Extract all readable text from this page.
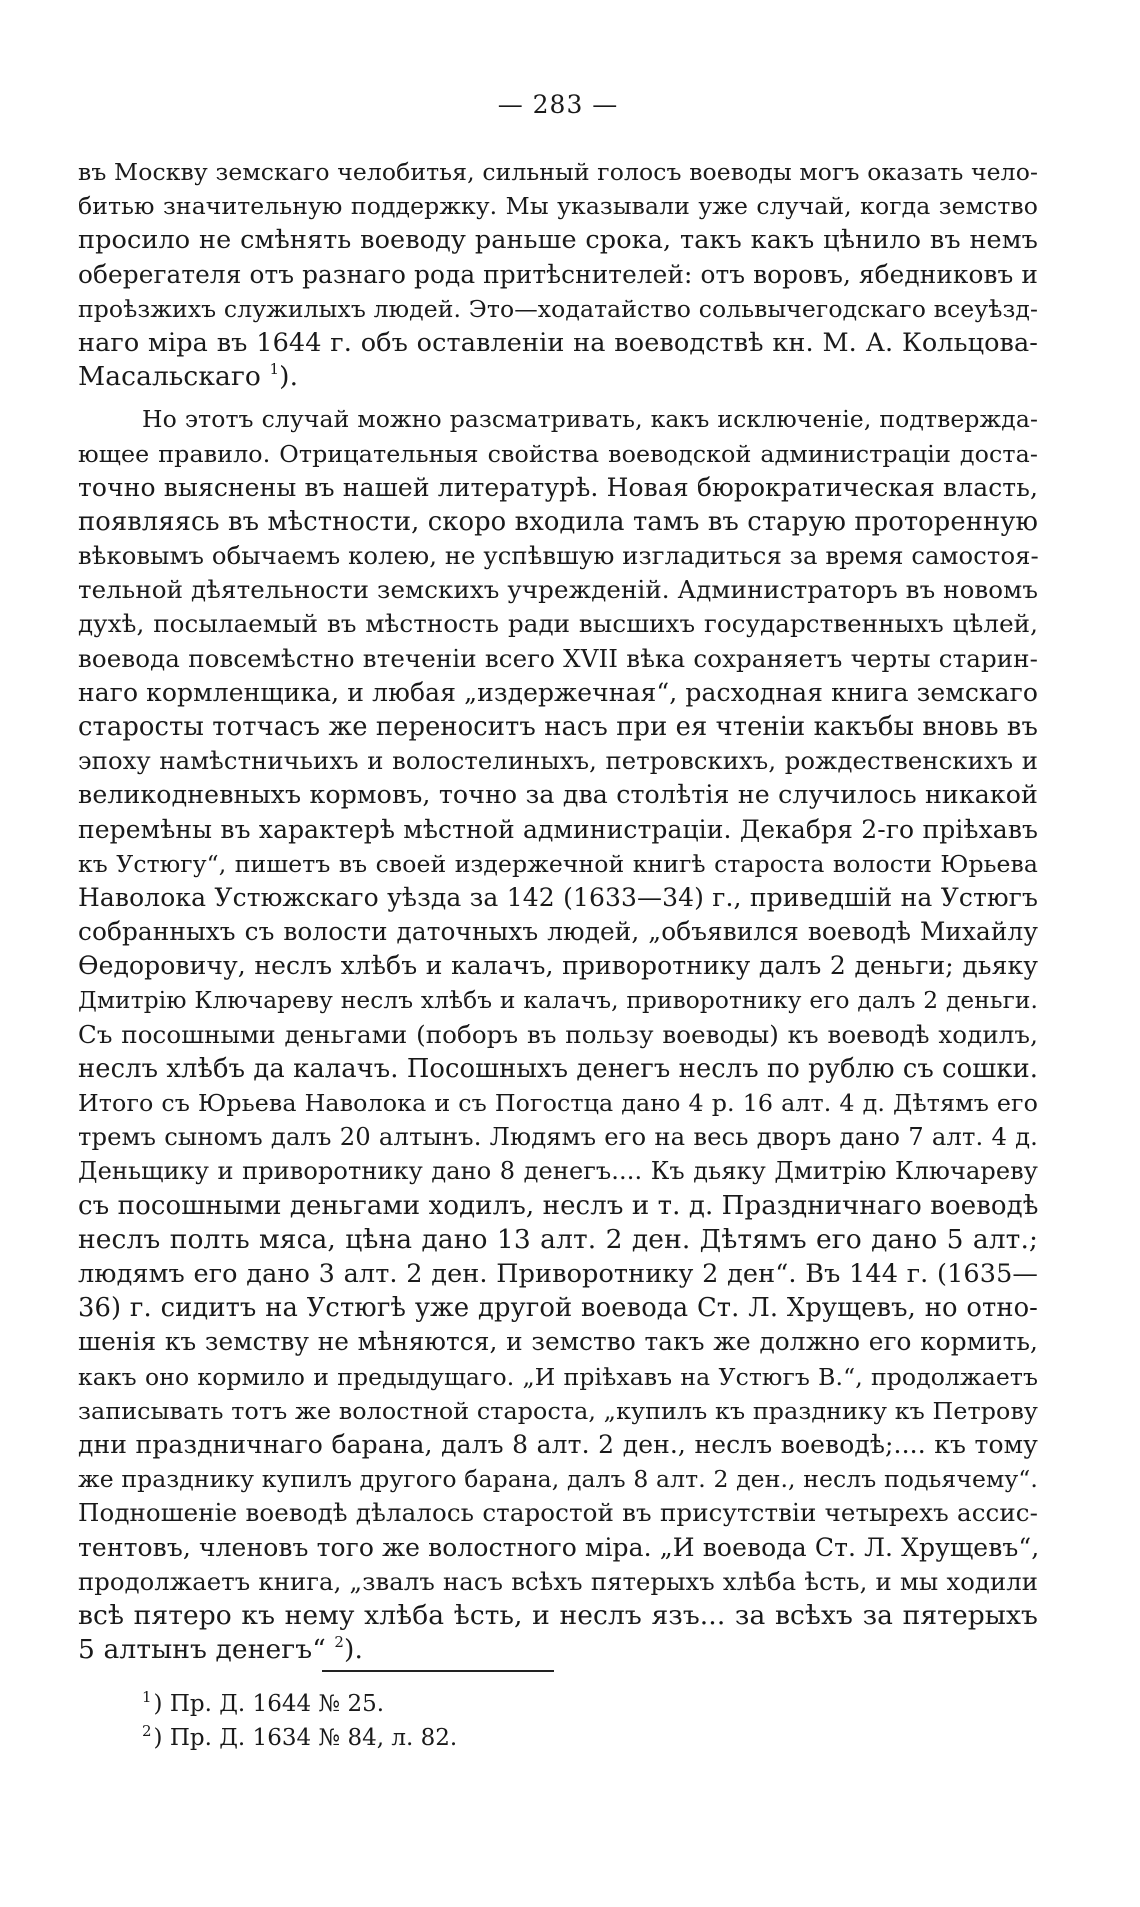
— 283 —
въ Москву земскаго челобитья, сильный голосъ воеводы могъ оказать чело-
битью значительную поддержку. Мы указывали уже случай, когда земство
просило не смѣнять воеводу раньше срока, такъ какъ цѣнило въ немъ
оберегателя отъ разнаго рода притѣснителей: отъ воровъ, ябедниковъ и
проѣзжихъ служилыхъ людей. Это—ходатайство сольвычегодскаго всеуѣзд-
наго міра въ 1644 г. объ оставленіи на воеводствѣ кн. М. А. Кольцова-
Масальскаго $^1$).
Но этотъ случай можно разсматривать, какъ исключеніе, подтвержда-
ющее правило. Отрицательныя свойства воеводской администраціи доста-
точно выяснены въ нашей литературѣ. Новая бюрократическая власть,
появляясь въ мѣстности, скоро входила тамъ въ старую проторенную
вѣковымъ обычаемъ колею, не успѣвшую изгладиться за время самостоя-
тельной дѣятельности земскихъ учрежденій. Администраторъ въ новомъ
духѣ, посылаемый въ мѣстность ради высшихъ государственныхъ цѣлей,
воевода повсемѣстно втеченіи всего XVII вѣка сохраняетъ черты старин-
наго кормленщика, и любая „издержечная“, расходная книга земскаго
старосты тотчасъ же переноситъ насъ при ея чтеніи какъбы вновь въ
эпоху намѣстничьихъ и волостелиныхъ, петровскихъ, рождественскихъ и
великодневныхъ кормовъ, точно за два столѣтія не случилось никакой
перемѣны въ характерѣ мѣстной администраціи. Декабря 2-го прiѣхавъ
къ Устюгу“, пишетъ въ своей издержечной книгѣ староста волости Юрьева
Наволока Устюжскаго уѣзда за 142 (1633—34) г., приведшій на Устюгъ
собранныхъ съ волости даточныхъ людей, „объявился воеводѣ Михайлу
Ѳедоровичу, неслъ хлѣбъ и калачъ, приворотнику далъ 2 деньги; дьяку
Дмитрію Ключареву неслъ хлѣбъ и калачъ, приворотнику его далъ 2 деньги.
Съ посошными деньгами (поборъ въ пользу воеводы) къ воеводѣ ходилъ,
неслъ хлѣбъ да калачъ. Посошныхъ денегъ неслъ по рублю съ сошки.
Итого съ Юрьева Наволока и съ Погостца дано 4 р. 16 алт. 4 д. Дѣтямъ его
тремъ сыномъ далъ 20 алтынъ. Людямъ его на весь дворъ дано 7 алт. 4 д.
Деньщику и приворотнику дано 8 денегъ.... Къ дьяку Дмитрію Ключареву
съ посошными деньгами ходилъ, неслъ и т. д. Праздничнаго воеводѣ
неслъ полть мяса, цѣна дано 13 алт. 2 ден. Дѣтямъ его дано 5 алт.;
людямъ его дано 3 алт. 2 ден. Приворотнику 2 ден“. Въ 144 г. (1635—
36) г. сидитъ на Устюгѣ уже другой воевода Ст. Л. Хрущевъ, но отно-
шенія къ земству не мѣняются, и земство такъ же должно его кормить,
какъ оно кормило и предыдущаго. „И прiѣхавъ на Устюгъ В.“, продолжаетъ
записывать тотъ же волостной староста, „купилъ къ празднику къ Петрову
дни праздничнаго барана, далъ 8 алт. 2 ден., неслъ воеводѣ;.... къ тому
же празднику купилъ другого барана, далъ 8 алт. 2 ден., неслъ подьячему“.
Подношеніе воеводѣ дѣлалось старостой въ присутствіи четырехъ ассис-
тентовъ, членовъ того же волостного міра. „И воевода Ст. Л. Хрущевъ“,
продолжаетъ книга, „звалъ насъ всѣхъ пятерыхъ хлѣба ѣсть, и мы ходили
всѣ пятеро къ нему хлѣба ѣсть, и неслъ язъ... за всѣхъ за пятерыхъ
5 алтынъ денегъ“ $^2$).
1) Пр. Д. 1644 № 25.
2) Пр. Д. 1634 № 84, л. 82.
